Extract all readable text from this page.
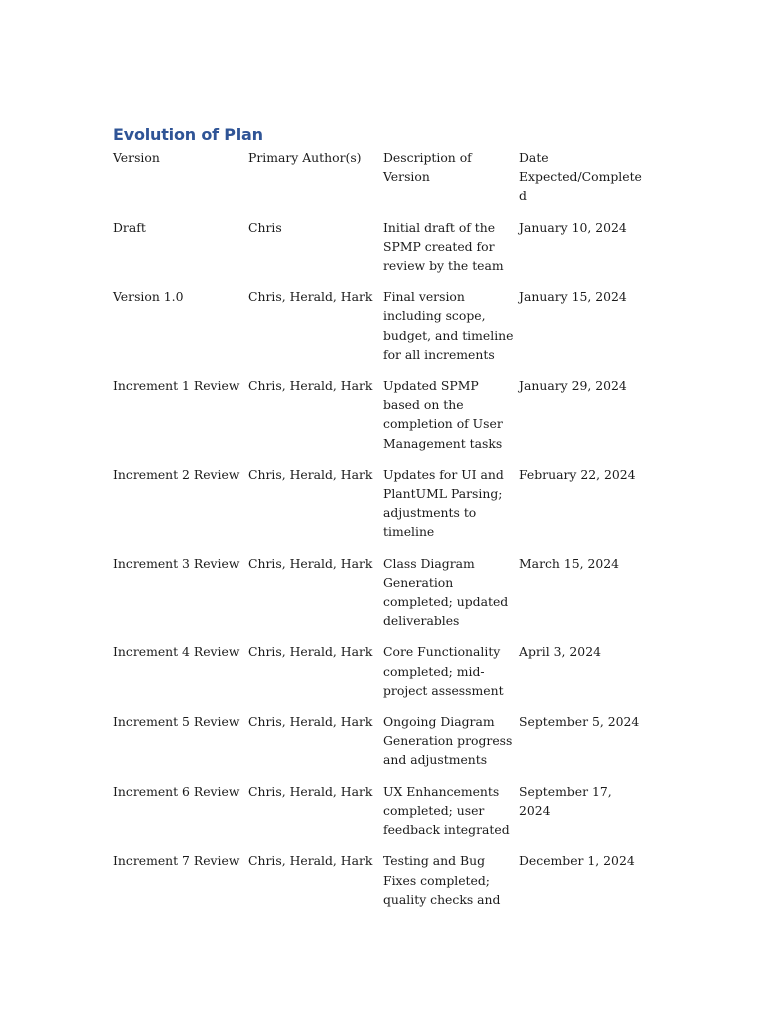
Evolution of Plan
Version	Primary Author(s)	Description of Version	Date Expected/Completed
Draft	Chris	Initial draft of the SPMP created for review by the team	January 10, 2024
Version 1.0	Chris, Herald, Hark	Final version including scope, budget, and timeline for all increments	January 15, 2024
Increment 1 Review	Chris, Herald, Hark	Updated SPMP based on the completion of User Management tasks	January 29, 2024
Increment 2 Review	Chris, Herald, Hark	Updates for UI and PlantUML Parsing; adjustments to timeline	February 22, 2024
Increment 3 Review	Chris, Herald, Hark	Class Diagram Generation completed; updated deliverables	March 15, 2024
Increment 4 Review	Chris, Herald, Hark	Core Functionality completed; mid-project assessment	April 3, 2024
Increment 5 Review	Chris, Herald, Hark	Ongoing Diagram Generation progress and adjustments	September 5, 2024
Increment 6 Review	Chris, Herald, Hark	UX Enhancements completed; user feedback integrated	September 17, 2024
Increment 7 Review	Chris, Herald, Hark	Testing and Bug Fixes completed; quality checks and	December 1, 2024
